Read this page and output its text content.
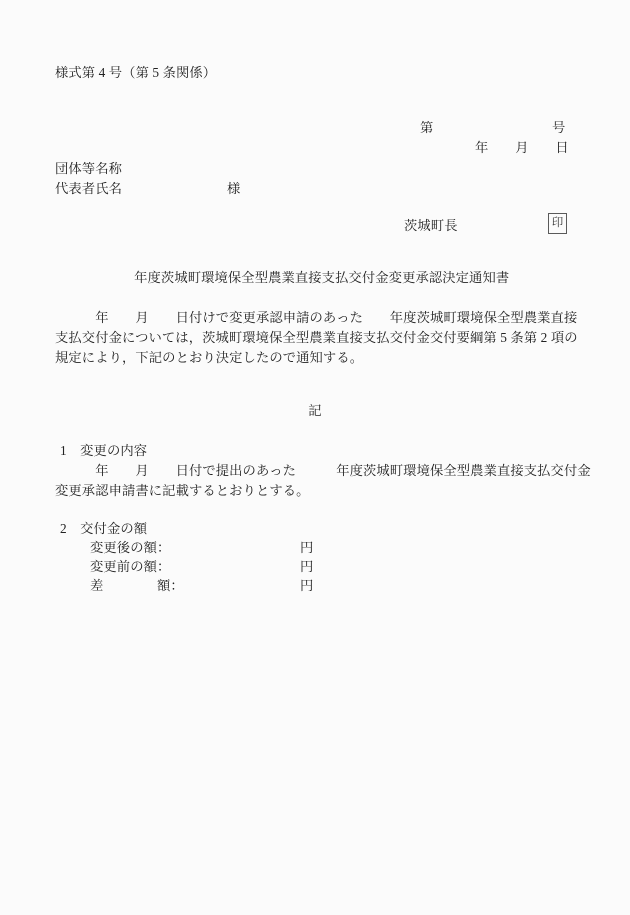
様式第 4 号（第 5 条関係）
第	号
年　　月　　日
団体等名称
代表者氏名	様
茨城町長	印
　年度茨城町環境保全型農業直接支払交付金変更承認決定通知書
　　　年　　月　　日付けで変更承認申請のあった　　年度茨城町環境保全型農業直接
支払交付金については，茨城町環境保全型農業直接支払交付金交付要綱第 5 条第 2 項の
規定により，下記のとおり決定したので通知する。
記
1　変更の内容
　　　年　　月　　日付で提出のあった　　　年度茨城町環境保全型農業直接支払交付金
変更承認申請書に記載するとおりとする。
2　交付金の額
変更後の額：	円
変更前の額：	円
差　　　　額：	円
